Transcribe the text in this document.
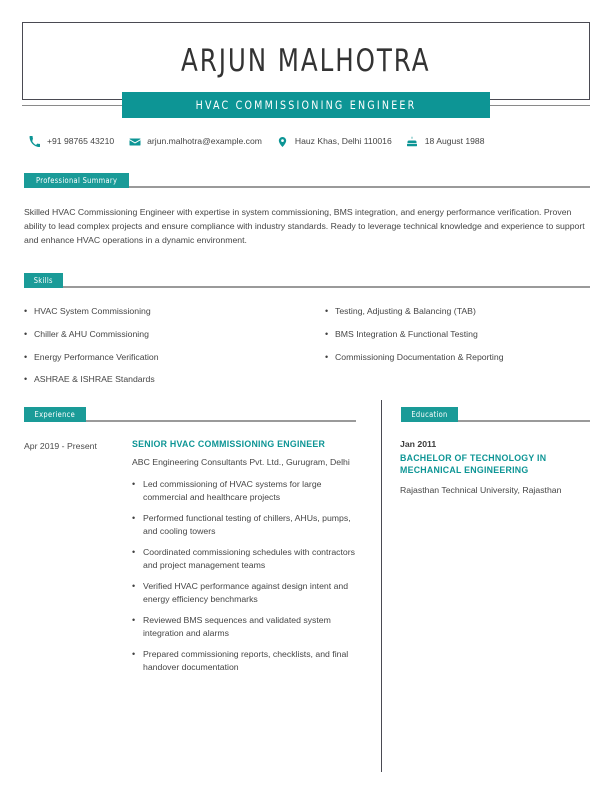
ARJUN MALHOTRA
HVAC COMMISSIONING ENGINEER
+91 98765 43210	arjun.malhotra@example.com	Hauz Khas, Delhi 110016	18 August 1988
Professional Summary
Skilled HVAC Commissioning Engineer with expertise in system commissioning, BMS integration, and energy performance verification. Proven ability to lead complex projects and ensure compliance with industry standards. Ready to leverage technical knowledge and experience to support and enhance HVAC operations in a dynamic environment.
Skills
• HVAC System Commissioning
• Chiller & AHU Commissioning
• Energy Performance Verification
• ASHRAE & ISHRAE Standards
• Testing, Adjusting & Balancing (TAB)
• BMS Integration & Functional Testing
• Commissioning Documentation & Reporting
Experience	Education
Apr 2019 - Present	SENIOR HVAC COMMISSIONING ENGINEER
ABC Engineering Consultants Pvt. Ltd., Gurugram, Delhi
• Led commissioning of HVAC systems for large commercial and healthcare projects
• Performed functional testing of chillers, AHUs, pumps, and cooling towers
• Coordinated commissioning schedules with contractors and project management teams
• Verified HVAC performance against design intent and energy efficiency benchmarks
• Reviewed BMS sequences and validated system integration and alarms
• Prepared commissioning reports, checklists, and final handover documentation
Jan 2011
BACHELOR OF TECHNOLOGY IN MECHANICAL ENGINEERING
Rajasthan Technical University, Rajasthan
